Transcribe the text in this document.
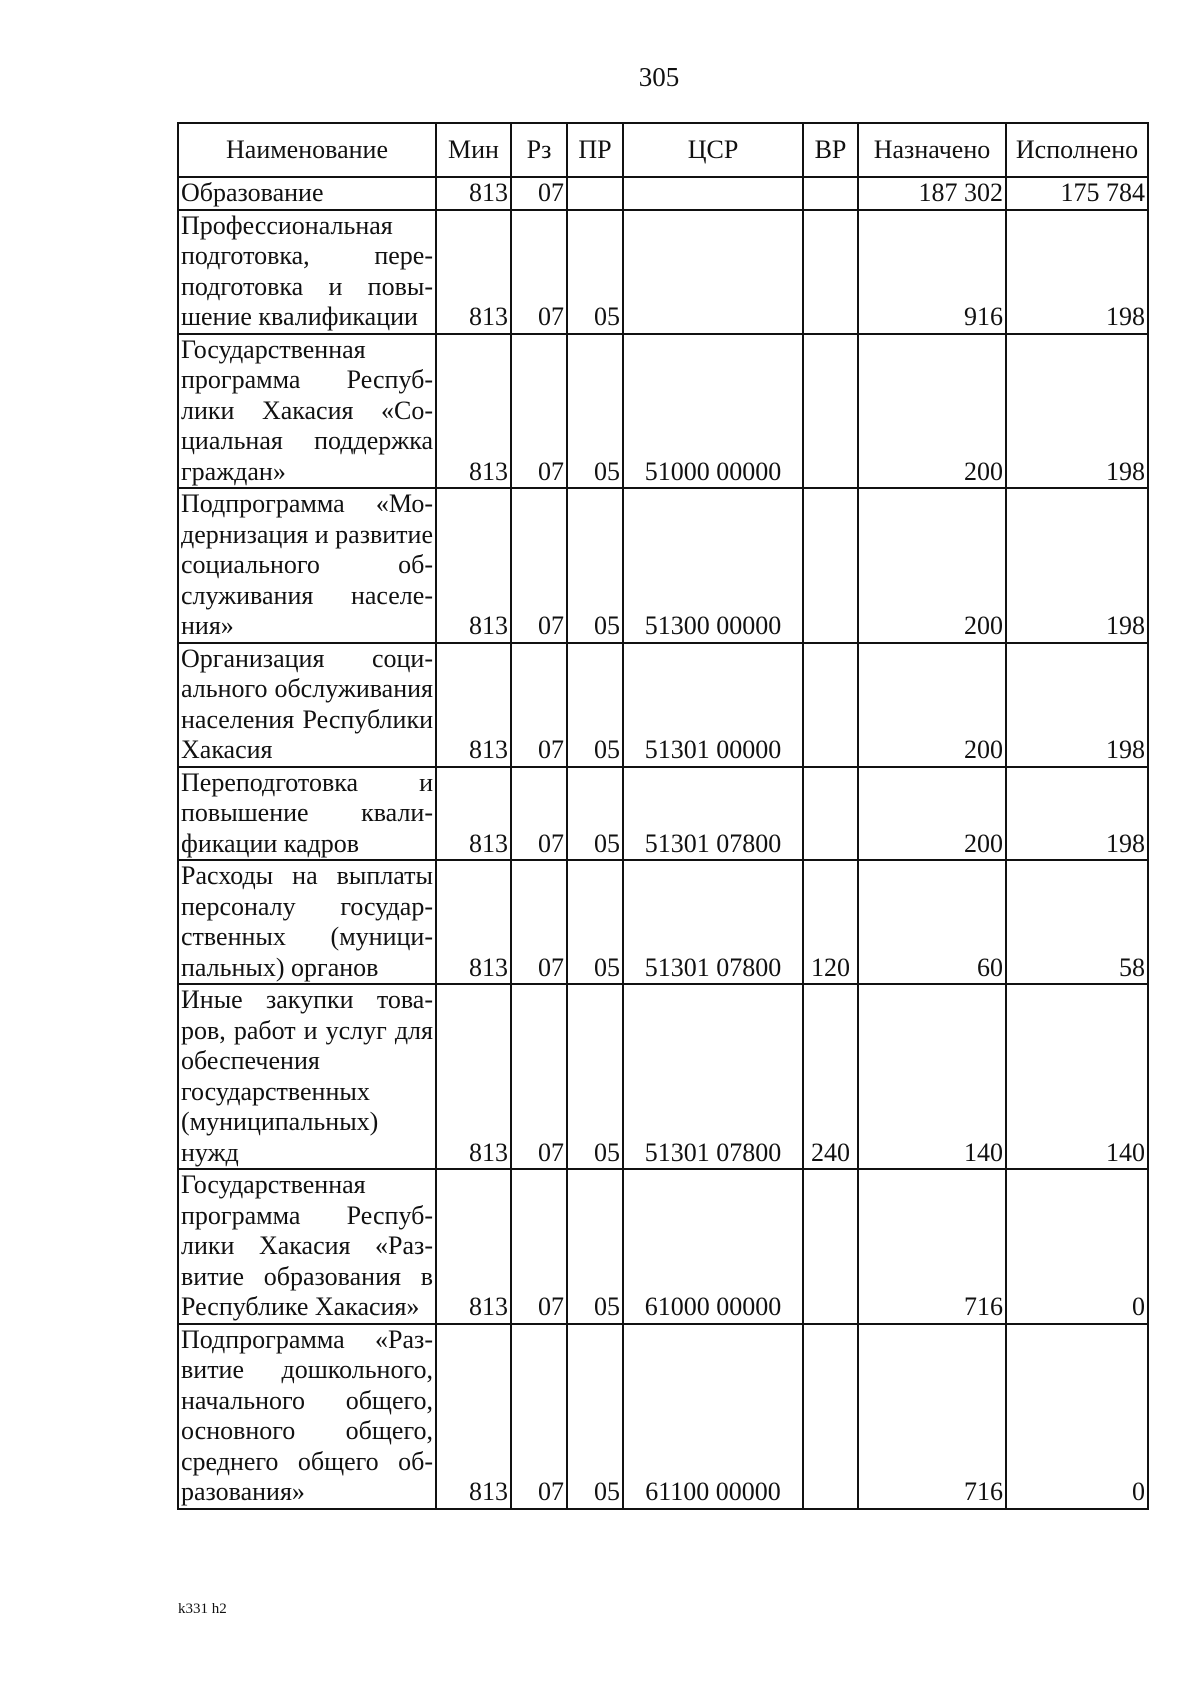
305
Наименование	Мин	Рз	ПР	ЦСР	ВР	Назначено	Исполнено
Образование	813	07				187 302	175 784
Профессиональная подготовка, переподготовка и повышение квалификации	813	07	05			916	198
Государственная программа Республики Хакасия «Социальная поддержка граждан»	813	07	05	51000 00000		200	198
Подпрограмма «Модернизация и развитие социального обслуживания населения»	813	07	05	51300 00000		200	198
Организация социального обслуживания населения Республики Хакасия	813	07	05	51301 00000		200	198
Переподготовка и повышение квалификации кадров	813	07	05	51301 07800		200	198
Расходы на выплаты персоналу государственных (муниципальных) органов	813	07	05	51301 07800	120	60	58
Иные закупки товаров, работ и услуг для обеспечения государственных (муниципальных) нужд	813	07	05	51301 07800	240	140	140
Государственная программа Республики Хакасия «Развитие образования в Республике Хакасия»	813	07	05	61000 00000		716	0
Подпрограмма «Развитие дошкольного, начального общего, основного общего, среднего общего образования»	813	07	05	61100 00000		716	0
k331 h2
